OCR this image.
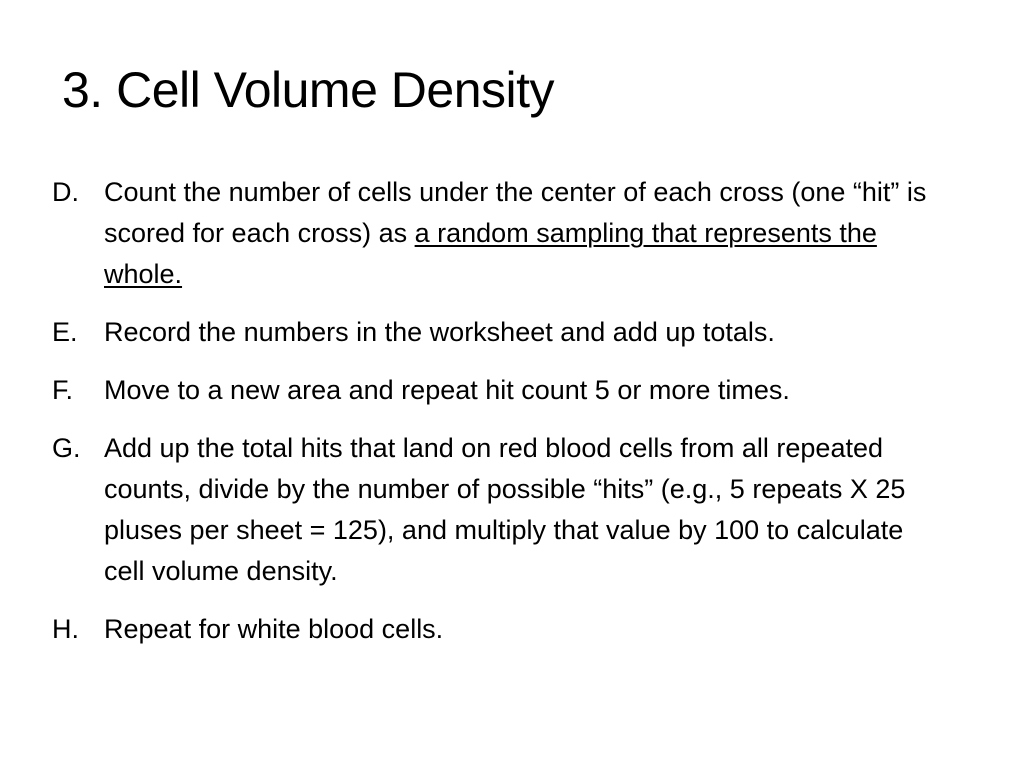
3. Cell Volume Density
D. Count the number of cells under the center of each cross (one “hit” is scored for each cross) as a random sampling that represents the whole.
E. Record the numbers in the worksheet and add up totals.
F.	Move to a new area and repeat hit count 5 or more times.
G. Add up the total hits that land on red blood cells from all repeated counts, divide by the number of possible “hits” (e.g., 5 repeats X 25 pluses per sheet = 125), and multiply that value by 100 to calculate cell volume density.
H. Repeat for white blood cells.
